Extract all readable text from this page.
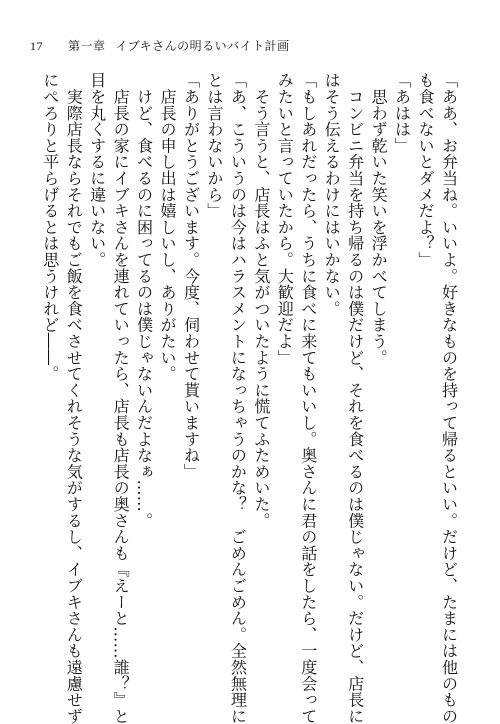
17	第一章 イブキさんの明るいバイト計画
「ああ、お弁当ね。いいよ。好きなものを持って帰るといい。だけど、たまには他のもの
も食べないとダメだよ？」
「あはは」
　思わず乾いた笑いを浮かべてしまう。
　コンビニ弁当を持ち帰るのは僕だけど、それを食べるのは僕じゃない。だけど、店長に
はそう伝えるわけにはいかない。
「もしあれだったら、うちに食べに来てもいいし。奥さんに君の話をしたら、一度会って
みたいと言っていたから。大歓迎だよ」
　そう言うと、店長はふと気がついたように慌てふためいた。
「あ、こういうのは今はハラスメントになっちゃうのかな？　ごめんごめん。全然無理に
とは言わないから」
「ありがとうございます。今度、伺わせて貰いますね」
　店長の申し出は嬉しいし、ありがたい。
　けど、食べるのに困ってるのは僕じゃないんだよなぁ……。
　店長の家にイブキさんを連れていったら、店長も店長の奥さんも『えーと……誰？』と
目を丸くするに違いない。
　実際店長ならそれでもご飯を食べさせてくれそうな気がするし、イブキさんも遠慮せず
にぺろりと平らげるとは思うけれど――。
